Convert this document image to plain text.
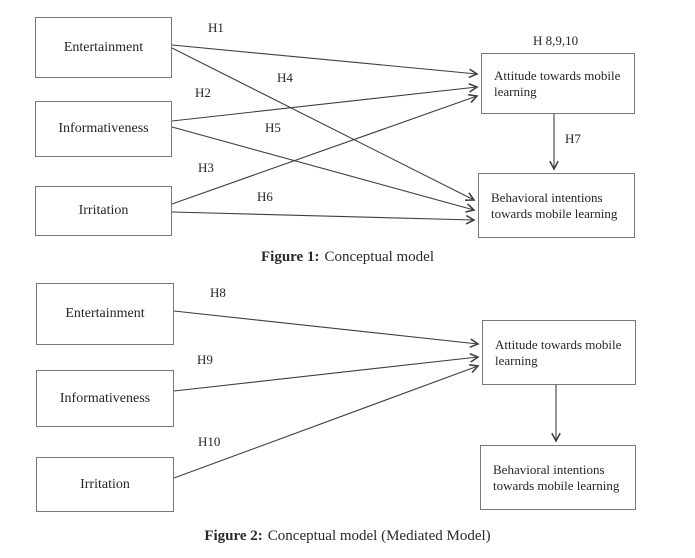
Entertainment
Informativeness
Irritation
Attitude towards mobile learning
Behavioral intentions towards mobile learning
H1
H2
H3
H4
H5
H6
H7
H 8,9,10
Figure 1: Conceptual model
Entertainment
Informativeness
Irritation
Attitude towards mobile learning
Behavioral intentions towards mobile learning
H8
H9
H10
Figure 2: Conceptual model (Mediated Model)
